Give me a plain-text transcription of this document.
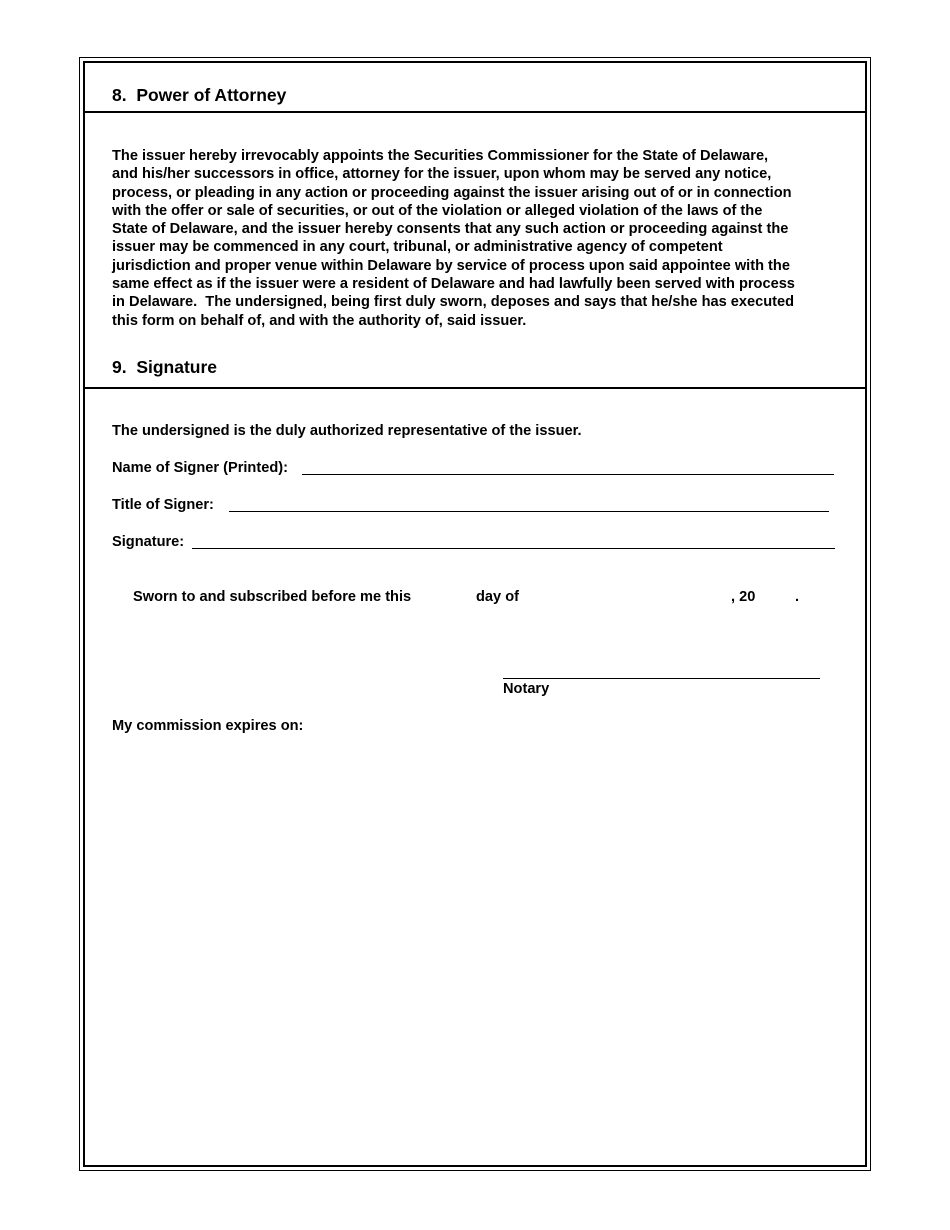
8.  Power of Attorney
The issuer hereby irrevocably appoints the Securities Commissioner for the State of Delaware,
and his/her successors in office, attorney for the issuer, upon whom may be served any notice,
process, or pleading in any action or proceeding against the issuer arising out of or in connection
with the offer or sale of securities, or out of the violation or alleged violation of the laws of the
State of Delaware, and the issuer hereby consents that any such action or proceeding against the
issuer may be commenced in any court, tribunal, or administrative agency of competent
jurisdiction and proper venue within Delaware by service of process upon said appointee with the
same effect as if the issuer were a resident of Delaware and had lawfully been served with process
in Delaware.  The undersigned, being first duly sworn, deposes and says that he/she has executed
this form on behalf of, and with the authority of, said issuer.
9.  Signature
The undersigned is the duly authorized representative of the issuer.
Name of Signer (Printed):
Title of Signer:
Signature:
Sworn to and subscribed before me this	day of	, 20	.
Notary
My commission expires on:
